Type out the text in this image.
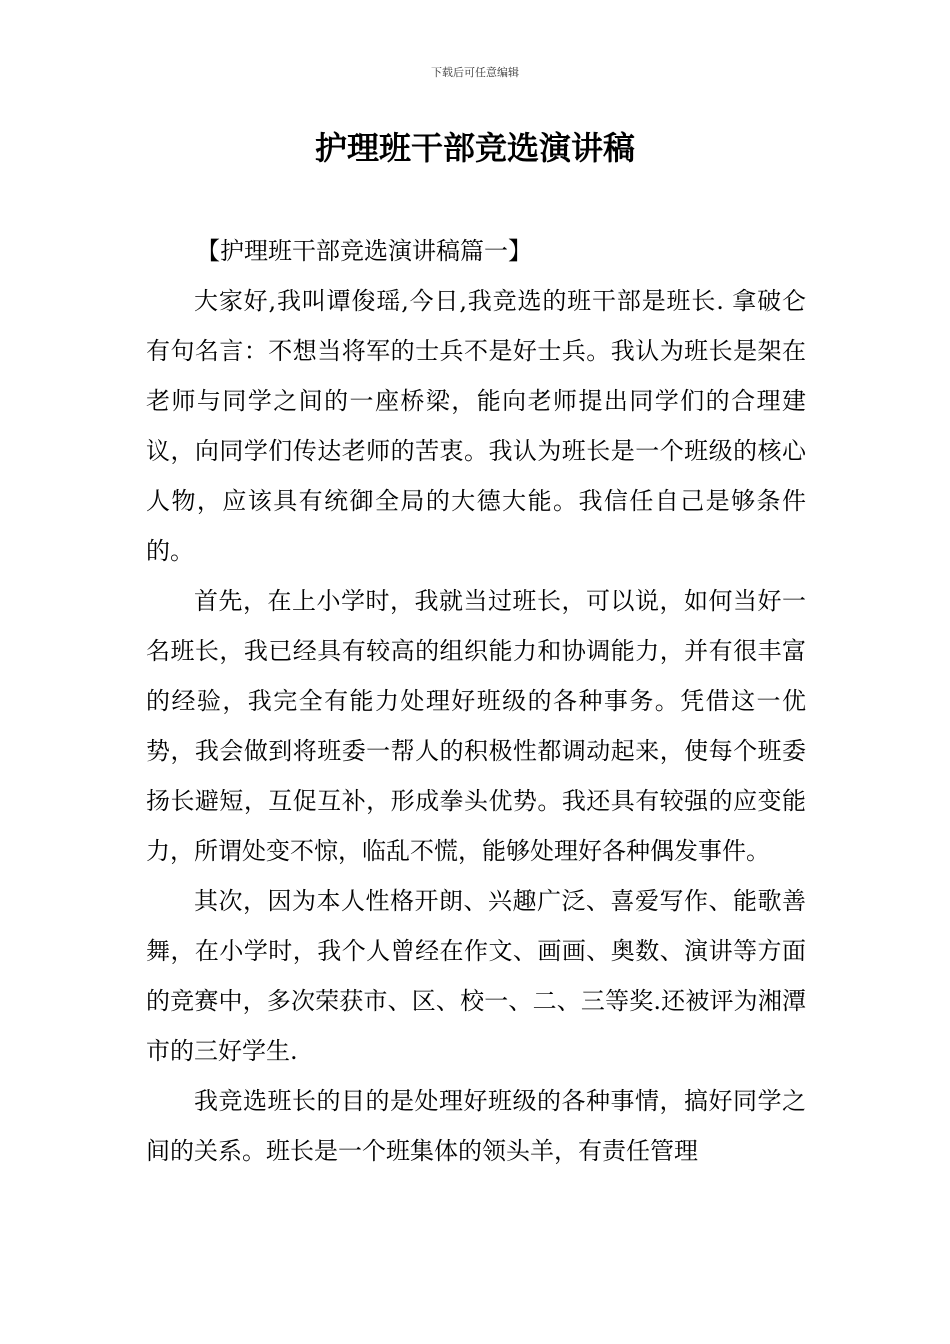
下载后可任意编辑
护理班干部竞选演讲稿

【护理班干部竞选演讲稿篇一】

大家好,我叫谭俊瑶,今日,我竞选的班干部是班长. 拿破仑有句名言：不想当将军的士兵不是好士兵。我认为班长是架在老师与同学之间的一座桥梁，能向老师提出同学们的合理建议，向同学们传达老师的苦衷。我认为班长是一个班级的核心人物，应该具有统御全局的大德大能。我信任自己是够条件的。

首先，在上小学时，我就当过班长，可以说，如何当好一名班长，我已经具有较高的组织能力和协调能力，并有很丰富的经验，我完全有能力处理好班级的各种事务。凭借这一优势，我会做到将班委一帮人的积极性都调动起来，使每个班委扬长避短，互促互补，形成拳头优势。我还具有较强的应变能力，所谓处变不惊，临乱不慌，能够处理好各种偶发事件。

其次，因为本人性格开朗、兴趣广泛、喜爱写作、能歌善舞，在小学时，我个人曾经在作文、画画、奥数、演讲等方面的竞赛中，多次荣获市、区、校一、二、三等奖.还被评为湘潭市的三好学生.

我竞选班长的目的是处理好班级的各种事情，搞好同学之间的关系。班长是一个班集体的领头羊，有责任管理
